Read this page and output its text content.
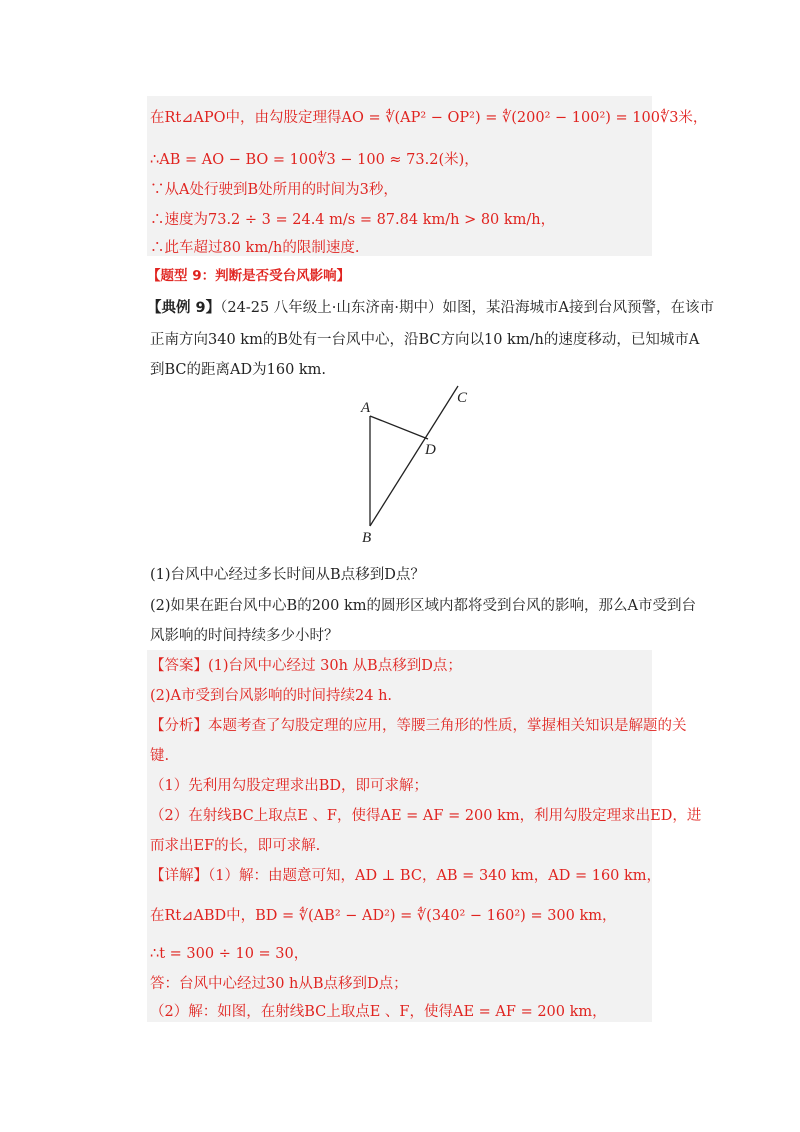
在Rt⊿APO中，由勾股定理得AO = ∜(AP² − OP²) = ∜(200² − 100²) = 100∜3米，
∴AB = AO − BO = 100∜3 − 100 ≈ 73.2(米)，
∵从A处行驶到B处所用的时间为3秒，
∴速度为73.2 ÷ 3 = 24.4 m/s = 87.84 km/h > 80 km/h，
∴此车超过80 km/h的限制速度.
【题型 9：判断是否受台风影响】
【典例 9】（24-25 八年级上·山东济南·期中）如图，某沿海城市A接到台风预警，在该市
正南方向340 km的B处有一台风中心，沿BC方向以10 km/h的速度移动，已知城市A
到BC的距离AD为160 km.
A
B
C
D
(1)台风中心经过多长时间从B点移到D点？
(2)如果在距台风中心B的200 km的圆形区域内都将受到台风的影响，那么A市受到台
风影响的时间持续多少小时？
【答案】(1)台风中心经过 30h 从B点移到D点；
(2)A市受到台风影响的时间持续24 h.
【分析】本题考查了勾股定理的应用，等腰三角形的性质，掌握相关知识是解题的关
键.
（1）先利用勾股定理求出BD，即可求解；
（2）在射线BC上取点E 、F，使得AE = AF = 200 km，利用勾股定理求出ED，进
而求出EF的长，即可求解.
【详解】（1）解：由题意可知，AD ⊥ BC，AB = 340 km，AD = 160 km，
在Rt⊿ABD中，BD = ∜(AB² − AD²) = ∜(340² − 160²) = 300 km，
∴t = 300 ÷ 10 = 30，
答：台风中心经过30 h从B点移到D点；
（2）解：如图，在射线BC上取点E 、F，使得AE = AF = 200 km，
